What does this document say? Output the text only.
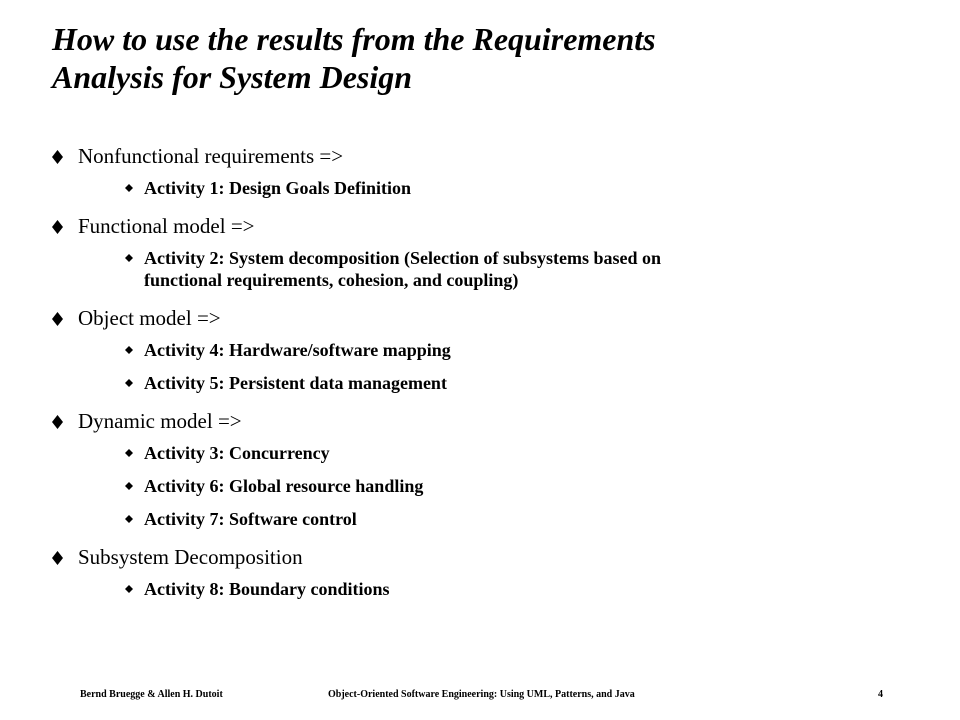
How to use the results from the Requirements
Analysis for System Design
Nonfunctional requirements =>
Activity 1: Design Goals Definition
Functional model =>
Activity 2: System decomposition (Selection of subsystems based on
functional requirements, cohesion, and coupling)
Object model =>
Activity 4: Hardware/software mapping
Activity 5: Persistent data management
Dynamic model =>
Activity 3: Concurrency
Activity 6: Global resource handling
Activity 7: Software control
Subsystem Decomposition
Activity 8: Boundary conditions
Bernd Bruegge & Allen H. Dutoit	Object-Oriented Software Engineering: Using UML, Patterns, and Java	4
